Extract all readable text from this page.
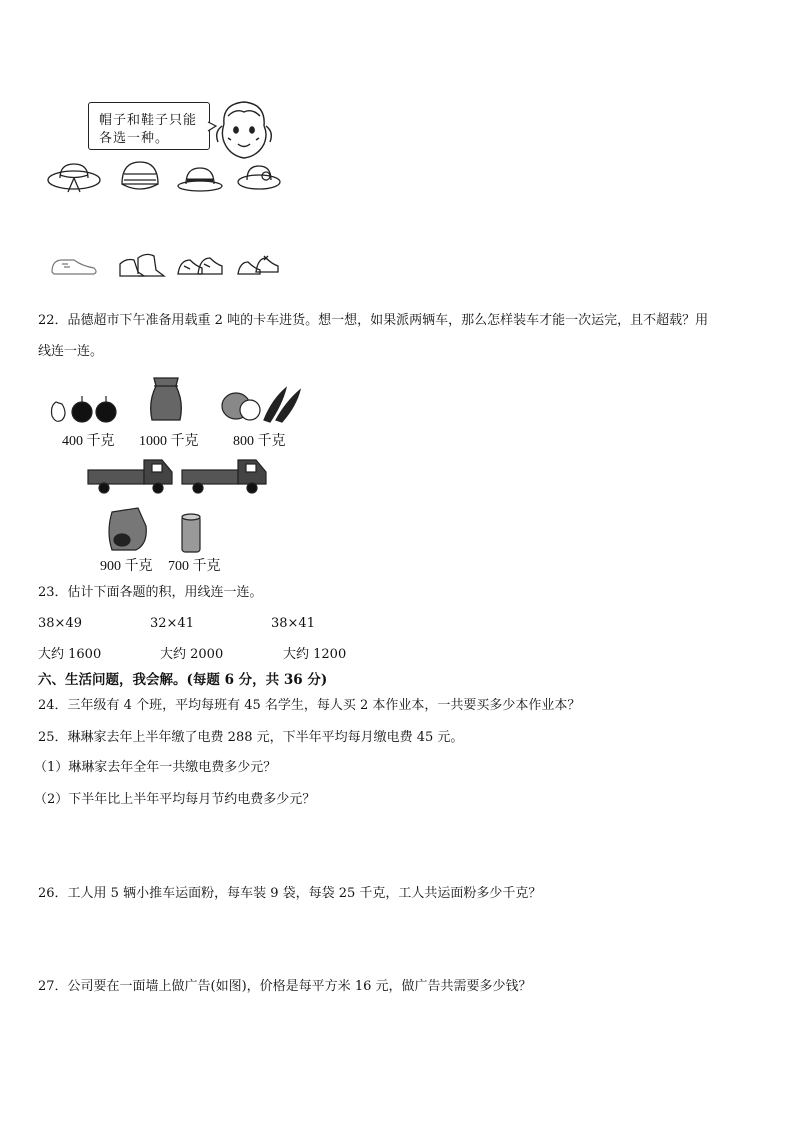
帽子和鞋子只能
各选一种。
22．品德超市下午准备用载重 2 吨的卡车进货。想一想，如果派两辆车，那么怎样装车才能一次运完，且不超载？用
线连一连。
400 千克 1000 千克 800 千克
900 千克 700 千克
23．估计下面各题的积，用线连一连。
38×49	32×41	38×41
大约 1600	大约 2000	大约 1200
六、生活问题，我会解。(每题 6 分，共 36 分)
24．三年级有 4 个班，平均每班有 45 名学生，每人买 2 本作业本，一共要买多少本作业本？
25．琳琳家去年上半年缴了电费 288 元，下半年平均每月缴电费 45 元。
（1）琳琳家去年全年一共缴电费多少元？
（2）下半年比上半年平均每月节约电费多少元？
26．工人用 5 辆小推车运面粉，每车装 9 袋，每袋 25 千克，工人共运面粉多少千克？
27．公司要在一面墙上做广告(如图)，价格是每平方米 16 元，做广告共需要多少钱？
